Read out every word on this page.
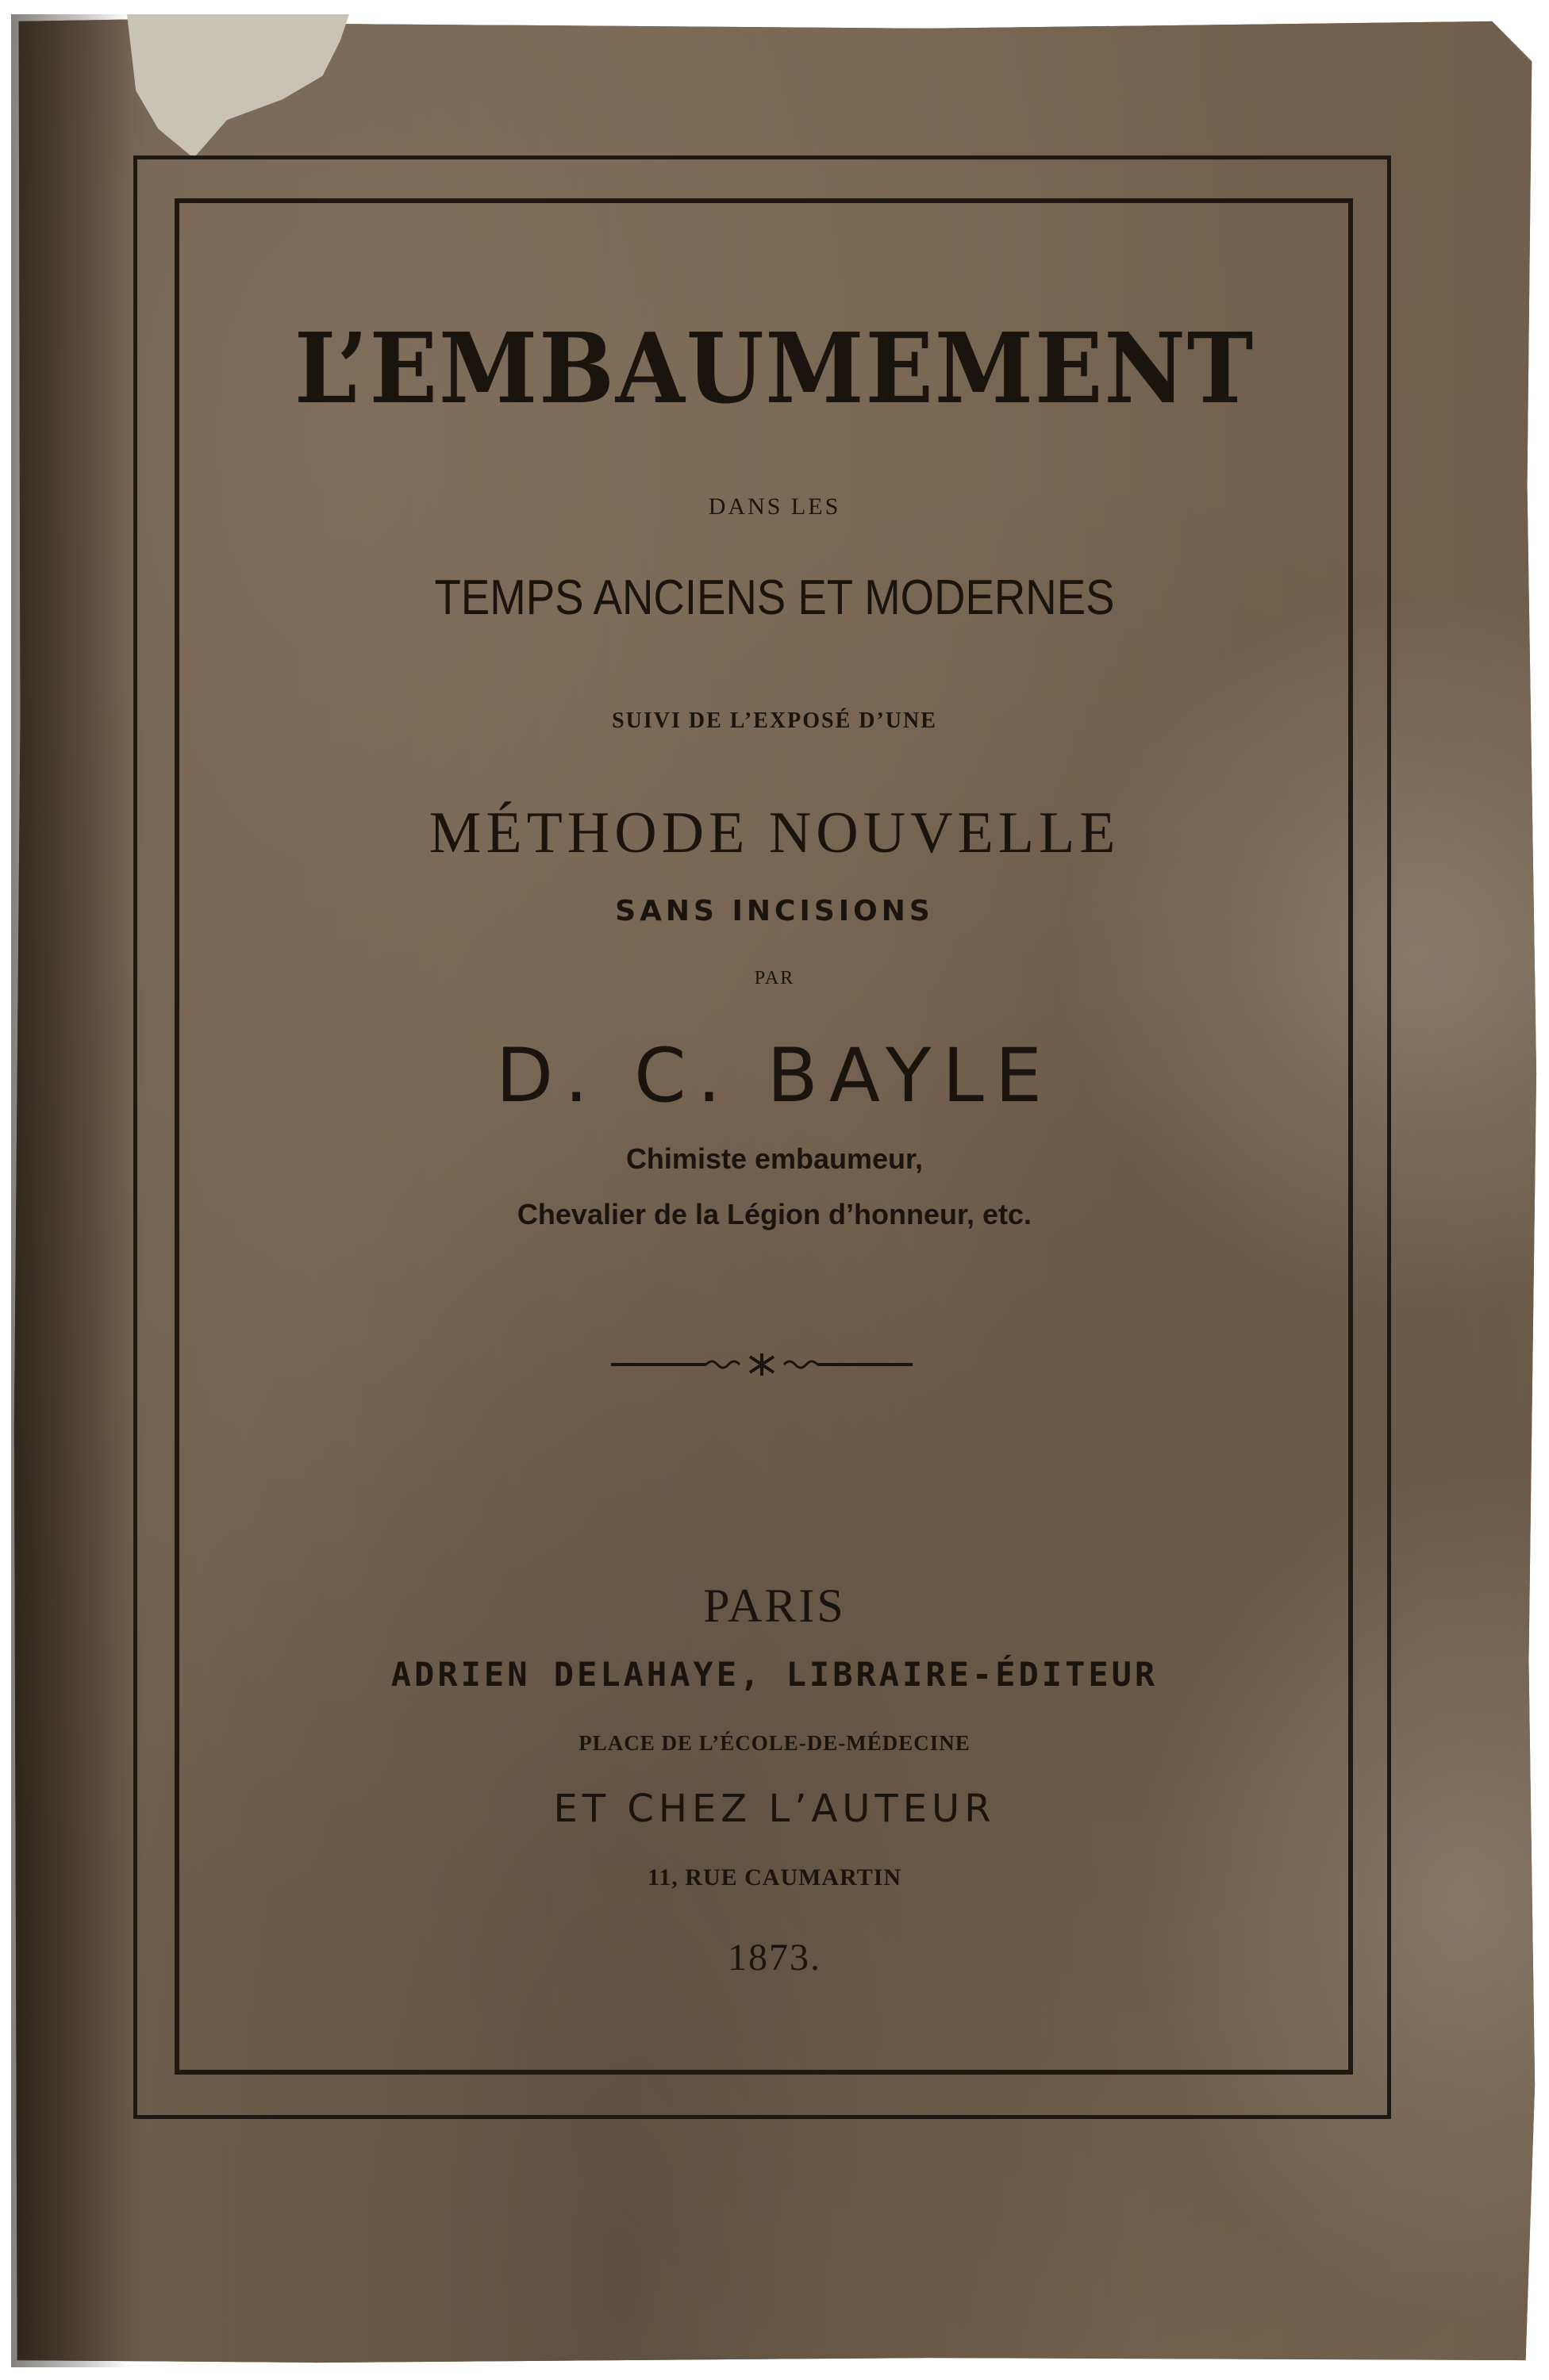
L’EMBAUMEMENT
DANS LES
TEMPS ANCIENS ET MODERNES
SUIVI DE L’EXPOSÉ D’UNE
MÉTHODE NOUVELLE
SANS INCISIONS
PAR
D. C. BAYLE
Chimiste embaumeur,
Chevalier de la Légion d’honneur, etc.
PARIS
ADRIEN DELAHAYE, LIBRAIRE-ÉDITEUR
PLACE DE L’ÉCOLE-DE-MÉDECINE
ET CHEZ L’AUTEUR
11, RUE CAUMARTIN
1873.
